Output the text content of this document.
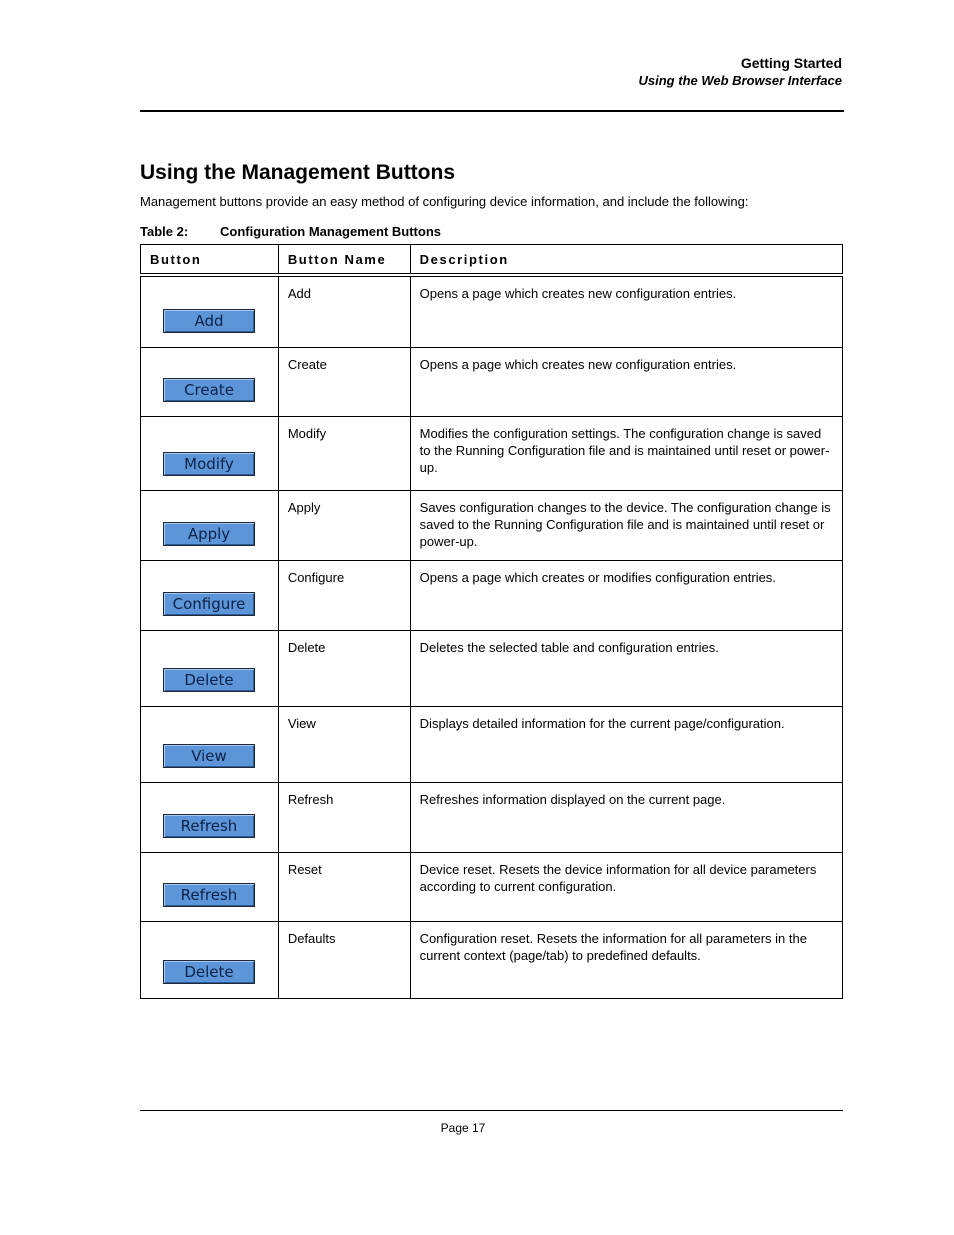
Getting Started
Using the Web Browser Interface
Using the Management Buttons
Management buttons provide an easy method of configuring device information, and include the following:
Table 2: Configuration Management Buttons
Button	Button Name	Description

Add	Add	Opens a page which creates new configuration entries.

Create	Create	Opens a page which creates new configuration entries.

Modify	Modify	Modifies the configuration settings. The configuration change is saved to the Running Configuration file and is maintained until reset or power-up.

Apply	Apply	Saves configuration changes to the device. The configuration change is saved to the Running Configuration file and is maintained until reset or power-up.

Configure	Configure	Opens a page which creates or modifies configuration entries.

Delete	Delete	Deletes the selected table and configuration entries.

View	View	Displays detailed information for the current page/configuration.

Refresh	Refresh	Refreshes information displayed on the current page.

Refresh	Reset	Device reset. Resets the device information for all device parameters according to current configuration.

Delete	Defaults	Configuration reset. Resets the information for all parameters in the current context (page/tab) to predefined defaults.
Page 17
